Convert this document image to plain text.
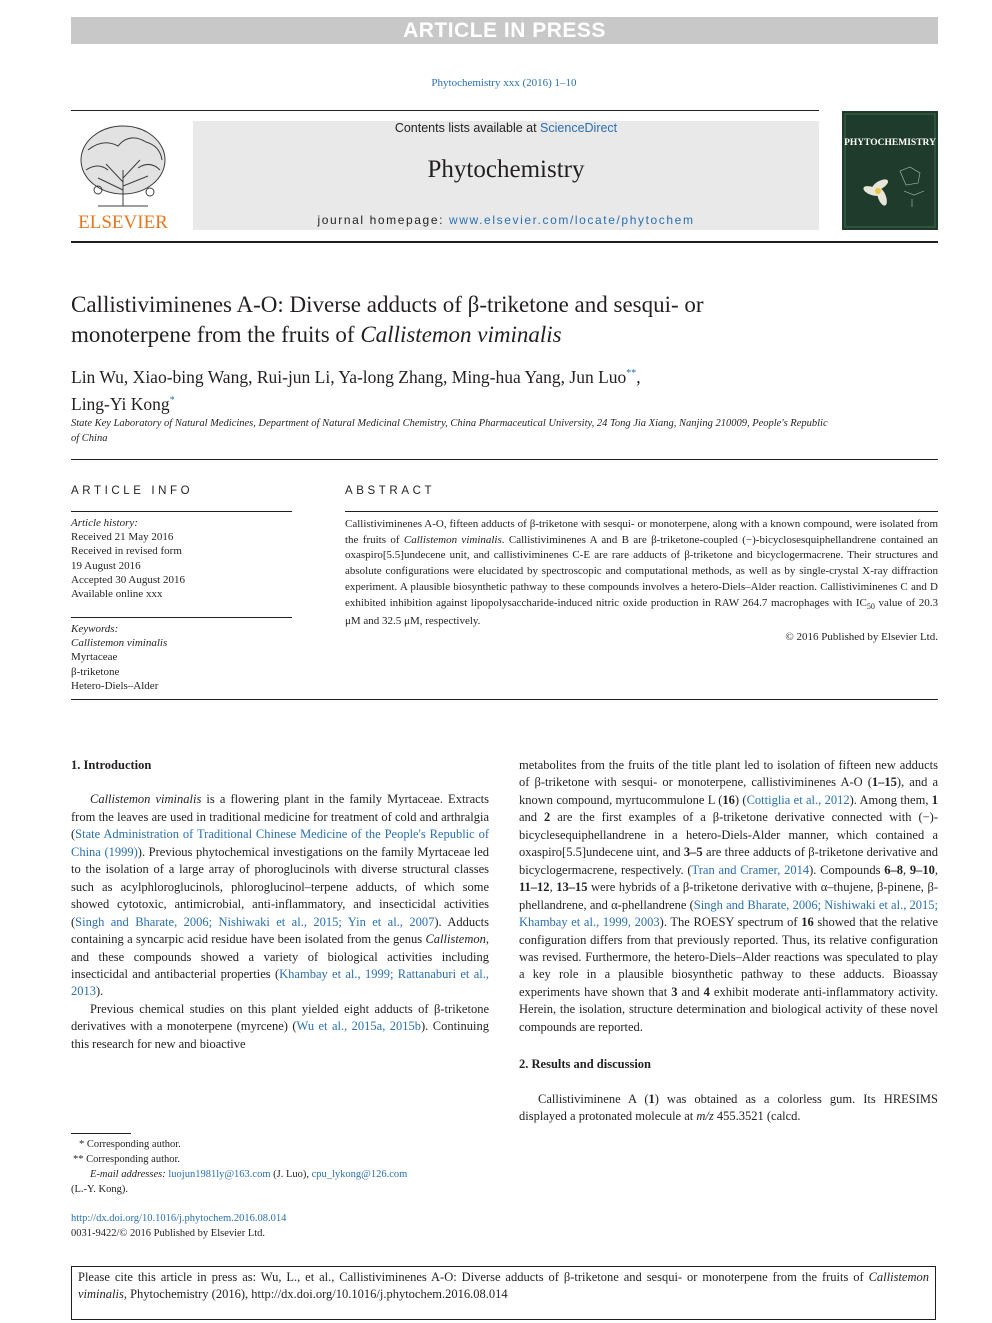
ARTICLE IN PRESS
Phytochemistry xxx (2016) 1–10
ELSEVIER
Contents lists available at ScienceDirect
Phytochemistry
journal homepage: www.elsevier.com/locate/phytochem
PHYTOCHEMISTRY
Callistiviminenes A-O: Diverse adducts of β-triketone and sesqui- or
monoterpene from the fruits of Callistemon viminalis
Lin Wu, Xiao-bing Wang, Rui-jun Li, Ya-long Zhang, Ming-hua Yang, Jun Luo**,
Ling-Yi Kong*
State Key Laboratory of Natural Medicines, Department of Natural Medicinal Chemistry, China Pharmaceutical University, 24 Tong Jia Xiang, Nanjing 210009, People's Republic of China
ARTICLE INFO	ABSTRACT
Article history:
Received 21 May 2016
Received in revised form
19 August 2016
Accepted 30 August 2016
Available online xxx
Keywords:
Callistemon viminalis
Myrtaceae
β-triketone
Hetero-Diels–Alder
Callistiviminenes A-O, fifteen adducts of β-triketone with sesqui- or monoterpene, along with a known compound, were isolated from the fruits of Callistemon viminalis. Callistiviminenes A and B are β-triketone-coupled (−)-bicyclosesquiphellandrene contained an oxaspiro[5.5]undecene unit, and callistiviminenes C-E are rare adducts of β-triketone and bicyclogermacrene. Their structures and absolute configurations were elucidated by spectroscopic and computational methods, as well as by single-crystal X-ray diffraction experiment. A plausible biosynthetic pathway to these compounds involves a hetero-Diels–Alder reaction. Callistiviminenes C and D exhibited inhibition against lipopolysaccharide-induced nitric oxide production in RAW 264.7 macrophages with $IC_{50}$ value of 20.3 μM and 32.5 μM, respectively.
© 2016 Published by Elsevier Ltd.
1. Introduction

Callistemon viminalis is a flowering plant in the family Myrtaceae. Extracts from the leaves are used in traditional medicine for treatment of cold and arthralgia (State Administration of Traditional Chinese Medicine of the People's Republic of China (1999)). Previous phytochemical investigations on the family Myrtaceae led to the isolation of a large array of phoroglucinols with diverse structural classes such as acylphloroglucinols, phloroglucinol–terpene adducts, of which some showed cytotoxic, antimicrobial, anti-inflammatory, and insecticidal activities (Singh and Bharate, 2006; Nishiwaki et al., 2015; Yin et al., 2007). Adducts containing a syncarpic acid residue have been isolated from the genus Callistemon, and these compounds showed a variety of biological activities including insecticidal and antibacterial properties (Khambay et al., 1999; Rattanaburi et al., 2013).

Previous chemical studies on this plant yielded eight adducts of β-triketone derivatives with a monoterpene (myrcene) (Wu et al., 2015a, 2015b). Continuing this research for new and bioactive

metabolites from the fruits of the title plant led to isolation of fifteen new adducts of β-triketone with sesqui- or monoterpene, callistiviminenes A-O (1–15), and a known compound, myrtucommulone L (16) (Cottiglia et al., 2012). Among them, 1 and 2 are the first examples of a β-triketone derivative connected with (−)-bicyclesequiphellandrene in a hetero-Diels-Alder manner, which contained a oxaspiro[5.5]undecene uint, and 3–5 are three adducts of β-triketone derivative and bicyclogermacrene, respectively. (Tran and Cramer, 2014). Compounds 6–8, 9–10, 11–12, 13–15 were hybrids of a β-triketone derivative with α–thujene, β-pinene, β-phellandrene, and α-phellandrene (Singh and Bharate, 2006; Nishiwaki et al., 2015; Khambay et al., 1999, 2003). The ROESY spectrum of 16 showed that the relative configuration differs from that previously reported. Thus, its relative configuration was revised. Furthermore, the hetero-Diels–Alder reactions was speculated to play a key role in a plausible biosynthetic pathway to these adducts. Bioassay experiments have shown that 3 and 4 exhibit moderate anti-inflammatory activity. Herein, the isolation, structure determination and biological activity of these novel compounds are reported.

2. Results and discussion

Callistiviminene A (1) was obtained as a colorless gum. Its HRESIMS displayed a protonated molecule at m/z 455.3521 (calcd.

* Corresponding author.
** Corresponding author.
E-mail addresses: luojun1981ly@163.com (J. Luo), cpu_lykong@126.com
(L.-Y. Kong).
http://dx.doi.org/10.1016/j.phytochem.2016.08.014
0031-9422/© 2016 Published by Elsevier Ltd.
Please cite this article in press as: Wu, L., et al., Callistiviminenes A-O: Diverse adducts of β-triketone and sesqui- or monoterpene from the fruits of Callistemon viminalis, Phytochemistry (2016), http://dx.doi.org/10.1016/j.phytochem.2016.08.014
